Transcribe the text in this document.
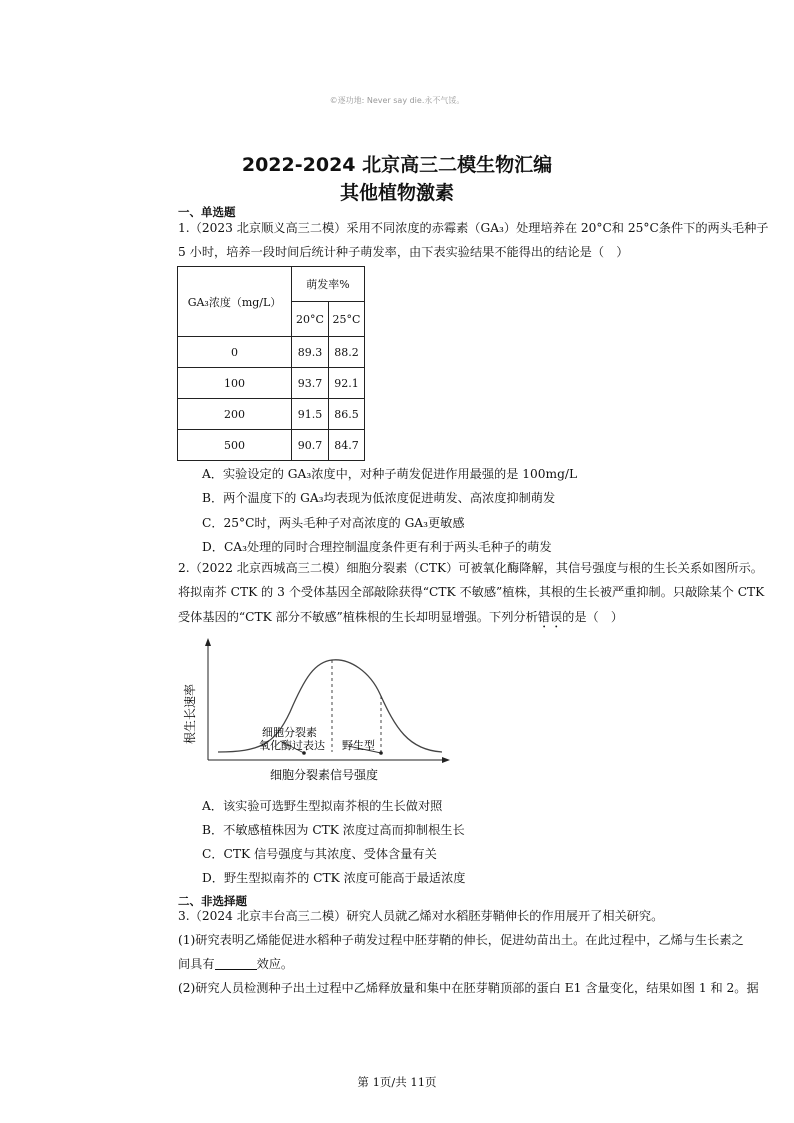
©逐功地: Never say die.永不气馁。
2022-2024 北京高三二模生物汇编
其他植物激素
一、单选题
1.（2023 北京顺义高三二模）采用不同浓度的赤霉素（GA₃）处理培养在 20°C和 25°C条件下的两头毛种子
5 小时，培养一段时间后统计种子萌发率，由下表实验结果不能得出的结论是（　）
GA₃浓度（mg/L）	萌发率%	
	20°C	25°C
0	89.3	88.2
100	93.7	92.1
200	91.5	86.5
500	90.7	84.7
A．实验设定的 GA₃浓度中，对种子萌发促进作用最强的是 100mg/L
B．两个温度下的 GA₃均表现为低浓度促进萌发、高浓度抑制萌发
C．25°C时，两头毛种子对高浓度的 GA₃更敏感
D．CA₃处理的同时合理控制温度条件更有利于两头毛种子的萌发
2.（2022 北京西城高三二模）细胞分裂素（CTK）可被氧化酶降解，其信号强度与根的生长关系如图所示。
将拟南芥 CTK 的 3 个受体基因全部敲除获得“CTK 不敏感”植株，其根的生长被严重抑制。只敲除某个 CTK
受体基因的“CTK 部分不敏感”植株根的生长却明显增强。下列分析错误的是（　）
细胞分裂素
氧化酶过表达 野生型
细胞分裂素信号强度
根生长速率
A．该实验可选野生型拟南芥根的生长做对照
B．不敏感植株因为 CTK 浓度过高而抑制根生长
C．CTK 信号强度与其浓度、受体含量有关
D．野生型拟南芥的 CTK 浓度可能高于最适浓度
二、非选择题
3.（2024 北京丰台高三二模）研究人员就乙烯对水稻胚芽鞘伸长的作用展开了相关研究。
(1)研究表明乙烯能促进水稻种子萌发过程中胚芽鞘的伸长，促进幼苗出土。在此过程中，乙烯与生长素之
间具有	效应。
(2)研究人员检测种子出土过程中乙烯释放量和集中在胚芽鞘顶部的蛋白 E1 含量变化，结果如图 1 和 2。据
第 1页/共 11页
